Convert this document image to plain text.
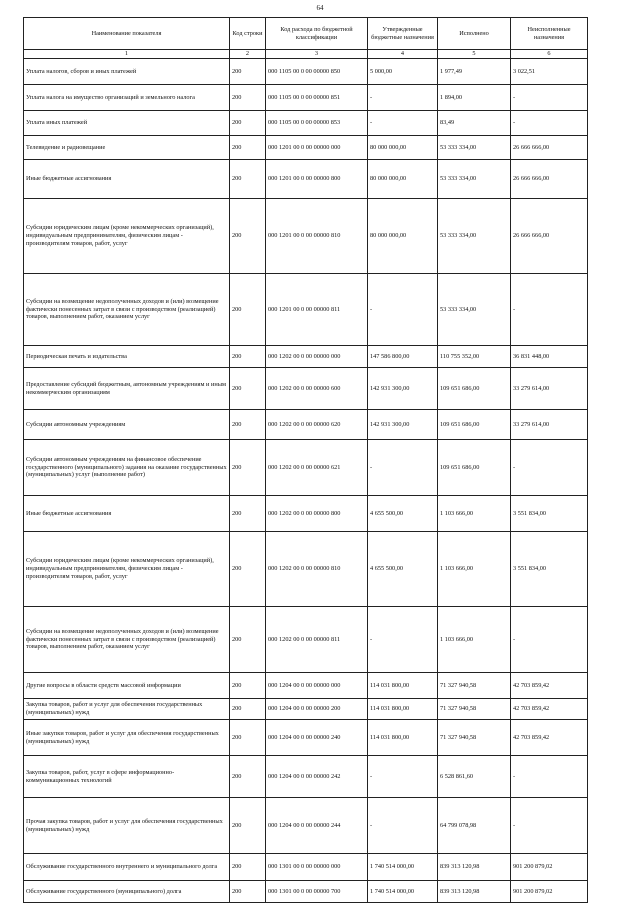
64
Наименование показателя	Код строки	Код расхода по бюджетной классификации	Утвержденные бюджетные назначения	Исполнено	Неисполненные назначения
1	2	3	4	5	6
Уплата налогов, сборов и иных платежей	200	000 1105 00 0 00 00000 850	5 000,00	1 977,49	3 022,51
Уплата налога на имущество организаций и земельного налога	200	000 1105 00 0 00 00000 851	-	1 894,00	-
Уплата иных платежей	200	000 1105 00 0 00 00000 853	-	83,49	-
Телевидение и радиовещание	200	000 1201 00 0 00 00000 000	80 000 000,00	53 333 334,00	26 666 666,00
Иные бюджетные ассигнования	200	000 1201 00 0 00 00000 800	80 000 000,00	53 333 334,00	26 666 666,00
Субсидии юридическим лицам (кроме некоммерческих организаций), индивидуальным предпринимателям, физическим лицам - производителям товаров, работ, услуг	200	000 1201 00 0 00 00000 810	80 000 000,00	53 333 334,00	26 666 666,00
Субсидии на возмещение недополученных доходов и (или) возмещение фактически понесенных затрат в связи с производством (реализацией) товаров, выполнением работ, оказанием услуг	200	000 1201 00 0 00 00000 811	-	53 333 334,00	-
Периодическая печать и издательства	200	000 1202 00 0 00 00000 000	147 586 800,00	110 755 352,00	36 831 448,00
Предоставление субсидий бюджетным, автономным учреждениям и иным некоммерческим организациям	200	000 1202 00 0 00 00000 600	142 931 300,00	109 651 686,00	33 279 614,00
Субсидии автономным учреждениям	200	000 1202 00 0 00 00000 620	142 931 300,00	109 651 686,00	33 279 614,00
Субсидии автономным учреждениям на финансовое обеспечение государственного (муниципального) задания на оказание государственных (муниципальных) услуг (выполнение работ)	200	000 1202 00 0 00 00000 621	-	109 651 686,00	-
Иные бюджетные ассигнования	200	000 1202 00 0 00 00000 800	4 655 500,00	1 103 666,00	3 551 834,00
Субсидии юридическим лицам (кроме некоммерческих организаций), индивидуальным предпринимателям, физическим лицам - производителям товаров, работ, услуг	200	000 1202 00 0 00 00000 810	4 655 500,00	1 103 666,00	3 551 834,00
Субсидии на возмещение недополученных доходов и (или) возмещение фактически понесенных затрат в связи с производством (реализацией) товаров, выполнением работ, оказанием услуг	200	000 1202 00 0 00 00000 811	-	1 103 666,00	-
Другие вопросы в области средств массовой информации	200	000 1204 00 0 00 00000 000	114 031 800,00	71 327 940,58	42 703 859,42
Закупка товаров, работ и услуг для обеспечения государственных (муниципальных) нужд	200	000 1204 00 0 00 00000 200	114 031 800,00	71 327 940,58	42 703 859,42
Иные закупки товаров, работ и услуг для обеспечения государственных (муниципальных) нужд	200	000 1204 00 0 00 00000 240	114 031 800,00	71 327 940,58	42 703 859,42
Закупка товаров, работ, услуг в сфере информационно-коммуникационных технологий	200	000 1204 00 0 00 00000 242	-	6 528 861,60	-
Прочая закупка товаров, работ и услуг для обеспечения государственных (муниципальных) нужд	200	000 1204 00 0 00 00000 244	-	64 799 078,98	-
Обслуживание государственного внутреннего и муниципального долга	200	000 1301 00 0 00 00000 000	1 740 514 000,00	839 313 120,98	901 200 879,02
Обслуживание государственного (муниципального) долга	200	000 1301 00 0 00 00000 700	1 740 514 000,00	839 313 120,98	901 200 879,02
